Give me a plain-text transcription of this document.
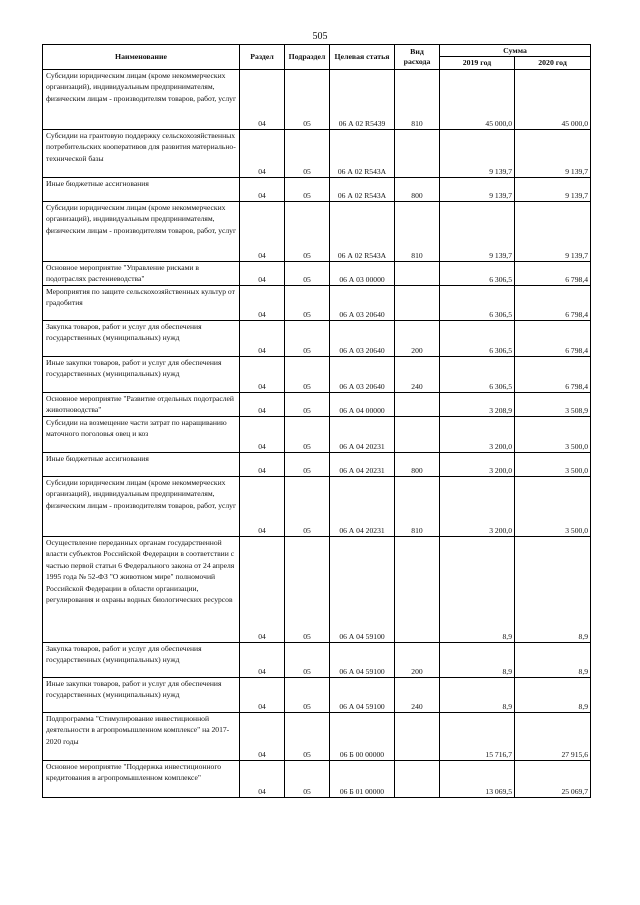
505
Наименование	Раздел	Подраздел	Целевая статья	Вид расхода	Сумма	
					2019 год	2020 год
Субсидии юридическим лицам (кроме некоммерческих организаций), индивидуальным предпринимателям, физическим лицам - производителям товаров, работ, услуг	04	05	06 А 02 R5439	810	45 000,0	45 000,0
Субсидии на грантовую поддержку сельскохозяйственных потребительских кооперативов для развития материально-технической базы	04	05	06 А 02 R543А		9 139,7	9 139,7
Иные бюджетные ассигнования	04	05	06 А 02 R543А	800	9 139,7	9 139,7
Субсидии юридическим лицам (кроме некоммерческих организаций), индивидуальным предпринимателям, физическим лицам - производителям товаров, работ, услуг	04	05	06 А 02 R543А	810	9 139,7	9 139,7
Основное мероприятие "Управление рисками в подотраслях растениеводства"	04	05	06 А 03 00000		6 306,5	6 798,4
Мероприятия по защите сельскохозяйственных культур от градобития	04	05	06 А 03 20640		6 306,5	6 798,4
Закупка товаров, работ и услуг для обеспечения государственных (муниципальных) нужд	04	05	06 А 03 20640	200	6 306,5	6 798,4
Иные закупки товаров, работ и услуг для обеспечения государственных (муниципальных) нужд	04	05	06 А 03 20640	240	6 306,5	6 798,4
Основное мероприятие "Развитие отдельных подотраслей животноводства"	04	05	06 А 04 00000		3 208,9	3 508,9
Субсидии на возмещение части затрат по наращиванию маточного поголовья овец и коз	04	05	06 А 04 20231		3 200,0	3 500,0
Иные бюджетные ассигнования	04	05	06 А 04 20231	800	3 200,0	3 500,0
Субсидии юридическим лицам (кроме некоммерческих организаций), индивидуальным предпринимателям, физическим лицам - производителям товаров, работ, услуг	04	05	06 А 04 20231	810	3 200,0	3 500,0
Осуществление переданных органам государственной власти субъектов Российской Федерации в соответствии с частью первой статьи 6 Федерального закона от 24 апреля 1995 года № 52-ФЗ "О животном мире" полномочий Российской Федерации в области организации, регулирования и охраны водных биологических ресурсов	04	05	06 А 04 59100		8,9	8,9
Закупка товаров, работ и услуг для обеспечения государственных (муниципальных) нужд	04	05	06 А 04 59100	200	8,9	8,9
Иные закупки товаров, работ и услуг для обеспечения государственных (муниципальных) нужд	04	05	06 А 04 59100	240	8,9	8,9
Подпрограмма "Стимулирование инвестиционной деятельности в агропромышленном комплексе" на 2017-2020 годы	04	05	06 Б 00 00000		15 716,7	27 915,6
Основное мероприятие "Поддержка инвестиционного кредитования в агропромышленном комплексе"	04	05	06 Б 01 00000		13 069,5	25 069,7
